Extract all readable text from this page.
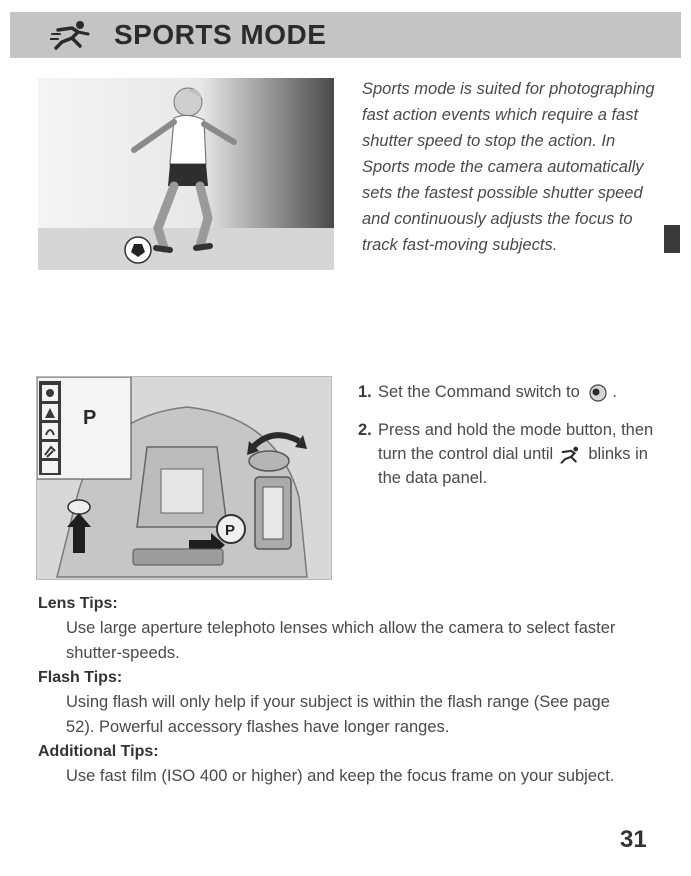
SPORTS MODE
Sports mode is suited for photographing fast action events which require a fast shutter speed to stop the action. In Sports mode the camera automatically sets the fastest possible shutter speed and continuously adjusts the focus to track fast-moving subjects.
P
P
1. Set the Command switch to .
2. Press and hold the mode button, then turn the control dial until blinks in the data panel.
Lens Tips:
Use large aperture telephoto lenses which allow the camera to select faster shutter-speeds.
Flash Tips:
Using flash will only help if your subject is within the flash range (See page 52). Powerful accessory flashes have longer ranges.
Additional Tips:
Use fast film (ISO 400 or higher) and keep the focus frame on your subject.
31
